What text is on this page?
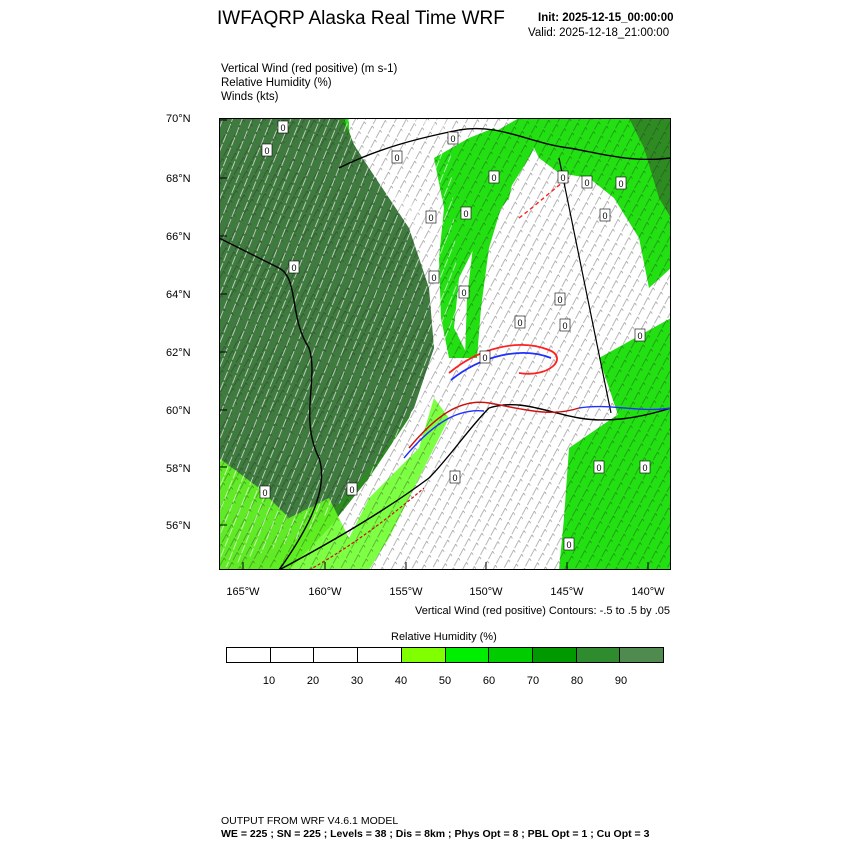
IWFAQRP Alaska Real Time WRF	Init: 2025-12-15_00:00:00
Valid: 2025-12-18_21:00:00
Vertical Wind (red positive) (m s-1)
Relative Humidity (%)
Winds (kts)
0
0
0
0
0
0	0
0	0 0	0
0
0
0	0
0
0
0
0
0	0
0
0
0
0
70°N
68°N
66°N
64°N
62°N
60°N
58°N
56°N
165°W	160°W	155°W	150°W	145°W	140°W
Vertical Wind (red positive) Contours: -.5 to .5 by .05
Relative Humidity (%)
10	20	30	40	50	60	70	80	90
OUTPUT FROM WRF V4.6.1 MODEL
WE = 225 ; SN = 225 ; Levels = 38 ; Dis = 8km ; Phys Opt = 8 ; PBL Opt = 1 ; Cu Opt = 3
